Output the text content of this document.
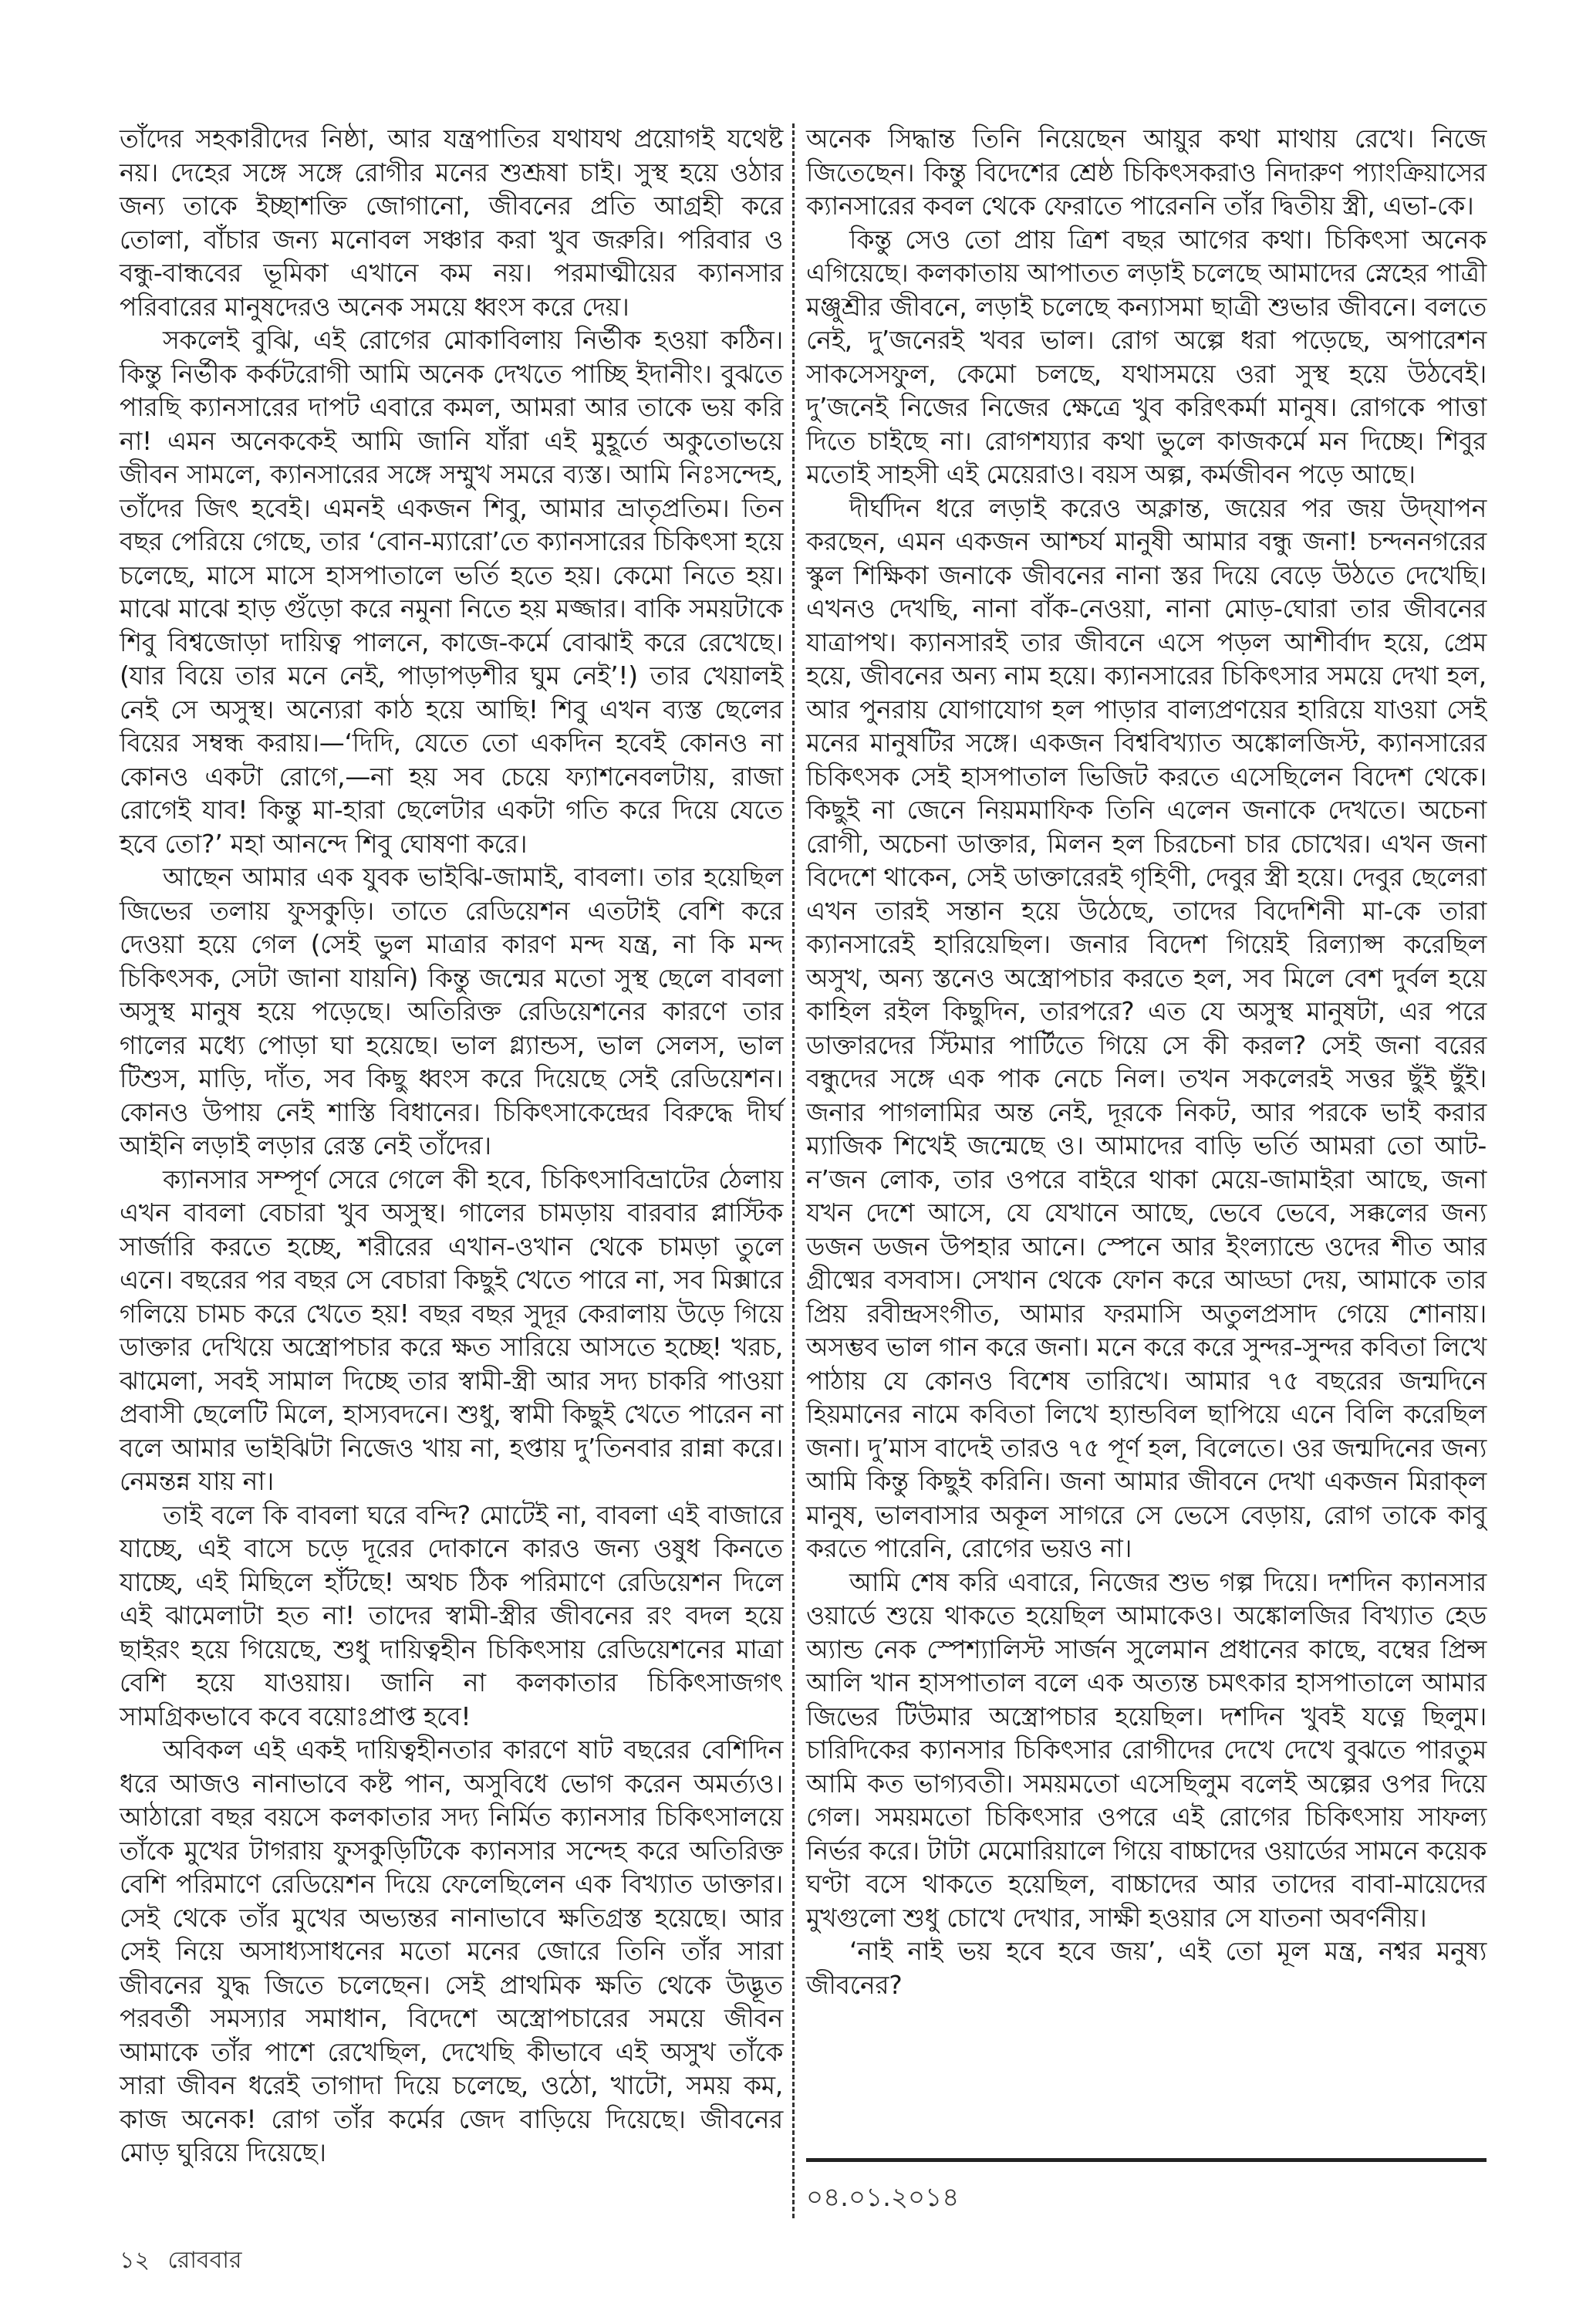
তাঁদের সহকারীদের নিষ্ঠা, আর যন্ত্রপাতির যথাযথ প্রয়োগই যথেষ্ট নয়। দেহের সঙ্গে সঙ্গে রোগীর মনের শুশ্রূষা চাই। সুস্থ হয়ে ওঠার জন্য তাকে ইচ্ছাশক্তি জোগানো, জীবনের প্রতি আগ্রহী করে তোলা, বাঁচার জন্য মনোবল সঞ্চার করা খুব জরুরি। পরিবার ও বন্ধু-বান্ধবের ভূমিকা এখানে কম নয়। পরমাত্মীয়ের ক্যানসার পরিবারের মানুষদেরও অনেক সময়ে ধ্বংস করে দেয়।

সকলেই বুঝি, এই রোগের মোকাবিলায় নির্ভীক হওয়া কঠিন। কিন্তু নির্ভীক কর্কটরোগী আমি অনেক দেখতে পাচ্ছি ইদানীং। বুঝতে পারছি ক্যানসারের দাপট এবারে কমল, আমরা আর তাকে ভয় করি না! এমন অনেককেই আমি জানি যাঁরা এই মুহূর্তে অকুতোভয়ে জীবন সামলে, ক্যানসারের সঙ্গে সম্মুখ সমরে ব্যস্ত। আমি নিঃসন্দেহ, তাঁদের জিৎ হবেই। এমনই একজন শিবু, আমার ভ্রাতৃপ্রতিম। তিন বছর পেরিয়ে গেছে, তার ‘বোন-ম্যারো’তে ক্যানসারের চিকিৎসা হয়ে চলেছে, মাসে মাসে হাসপাতালে ভর্তি হতে হয়। কেমো নিতে হয়। মাঝে মাঝে হাড় গুঁড়ো করে নমুনা নিতে হয় মজ্জার। বাকি সময়টাকে শিবু বিশ্বজোড়া দায়িত্ব পালনে, কাজে-কর্মে বোঝাই করে রেখেছে। (যার বিয়ে তার মনে নেই, পাড়াপড়শীর ঘুম নেই’!) তার খেয়ালই নেই সে অসুস্থ। অন্যেরা কাঠ হয়ে আছি! শিবু এখন ব্যস্ত ছেলের বিয়ের সম্বন্ধ করায়।—‘দিদি, যেতে তো একদিন হবেই কোনও না কোনও একটা রোগে,—না হয় সব চেয়ে ফ্যাশনেবলটায়, রাজা রোগেই যাব! কিন্তু মা-হারা ছেলেটার একটা গতি করে দিয়ে যেতে হবে তো?’ মহা আনন্দে শিবু ঘোষণা করে।

আছেন আমার এক যুবক ভাইঝি-জামাই, বাবলা। তার হয়েছিল জিভের তলায় ফুসকুড়ি। তাতে রেডিয়েশন এতটাই বেশি করে দেওয়া হয়ে গেল (সেই ভুল মাত্রার কারণ মন্দ যন্ত্র, না কি মন্দ চিকিৎসক, সেটা জানা যায়নি) কিন্তু জন্মের মতো সুস্থ ছেলে বাবলা অসুস্থ মানুষ হয়ে পড়েছে। অতিরিক্ত রেডিয়েশনের কারণে তার গালের মধ্যে পোড়া ঘা হয়েছে। ভাল গ্ল্যান্ডস, ভাল সেলস, ভাল টিশুস, মাড়ি, দাঁত, সব কিছু ধ্বংস করে দিয়েছে সেই রেডিয়েশন। কোনও উপায় নেই শাস্তি বিধানের। চিকিৎসাকেন্দ্রের বিরুদ্ধে দীর্ঘ আইনি লড়াই লড়ার রেস্ত নেই তাঁদের।

ক্যানসার সম্পূর্ণ সেরে গেলে কী হবে, চিকিৎসাবিভ্রাটের ঠেলায় এখন বাবলা বেচারা খুব অসুস্থ। গালের চামড়ায় বারবার প্লাস্টিক সার্জারি করতে হচ্ছে, শরীরের এখান-ওখান থেকে চামড়া তুলে এনে। বছরের পর বছর সে বেচারা কিছুই খেতে পারে না, সব মিক্সারে গলিয়ে চামচ করে খেতে হয়! বছর বছর সুদূর কেরালায় উড়ে গিয়ে ডাক্তার দেখিয়ে অস্ত্রোপচার করে ক্ষত সারিয়ে আসতে হচ্ছে! খরচ, ঝামেলা, সবই সামাল দিচ্ছে তার স্বামী-স্ত্রী আর সদ্য চাকরি পাওয়া প্রবাসী ছেলেটি মিলে, হাস্যবদনে। শুধু, স্বামী কিছুই খেতে পারেন না বলে আমার ভাইঝিটা নিজেও খায় না, হপ্তায় দু’তিনবার রান্না করে। নেমন্তন্ন যায় না।

তাই বলে কি বাবলা ঘরে বন্দি? মোটেই না, বাবলা এই বাজারে যাচ্ছে, এই বাসে চড়ে দূরের দোকানে কারও জন্য ওষুধ কিনতে যাচ্ছে, এই মিছিলে হাঁটছে! অথচ ঠিক পরিমাণে রেডিয়েশন দিলে এই ঝামেলাটা হত না! তাদের স্বামী-স্ত্রীর জীবনের রং বদল হয়ে ছাইরং হয়ে গিয়েছে, শুধু দায়িত্বহীন চিকিৎসায় রেডিয়েশনের মাত্রা বেশি হয়ে যাওয়ায়। জানি না কলকাতার চিকিৎসাজগৎ সামগ্রিকভাবে কবে বয়োঃপ্রাপ্ত হবে!

অবিকল এই একই দায়িত্বহীনতার কারণে ষাট বছরের বেশিদিন ধরে আজও নানাভাবে কষ্ট পান, অসুবিধে ভোগ করেন অমর্ত্যও। আঠারো বছর বয়সে কলকাতার সদ্য নির্মিত ক্যানসার চিকিৎসালয়ে তাঁকে মুখের টাগরায় ফুসকুড়িটিকে ক্যানসার সন্দেহ করে অতিরিক্ত বেশি পরিমাণে রেডিয়েশন দিয়ে ফেলেছিলেন এক বিখ্যাত ডাক্তার। সেই থেকে তাঁর মুখের অভ্যন্তর নানাভাবে ক্ষতিগ্রস্ত হয়েছে। আর সেই নিয়ে অসাধ্যসাধনের মতো মনের জোরে তিনি তাঁর সারা জীবনের যুদ্ধ জিতে চলেছেন। সেই প্রাথমিক ক্ষতি থেকে উদ্ভূত পরবর্তী সমস্যার সমাধান, বিদেশে অস্ত্রোপচারের সময়ে জীবন আমাকে তাঁর পাশে রেখেছিল, দেখেছি কীভাবে এই অসুখ তাঁকে সারা জীবন ধরেই তাগাদা দিয়ে চলেছে, ওঠো, খাটো, সময় কম, কাজ অনেক! রোগ তাঁর কর্মের জেদ বাড়িয়ে দিয়েছে। জীবনের মোড় ঘুরিয়ে দিয়েছে।

অনেক সিদ্ধান্ত তিনি নিয়েছেন আয়ুর কথা মাথায় রেখে। নিজে জিতেছেন। কিন্তু বিদেশের শ্রেষ্ঠ চিকিৎসকরাও নিদারুণ প্যাংক্রিয়াসের ক্যানসারের কবল থেকে ফেরাতে পারেননি তাঁর দ্বিতীয় স্ত্রী, এভা-কে।

কিন্তু সেও তো প্রায় ত্রিশ বছর আগের কথা। চিকিৎসা অনেক এগিয়েছে। কলকাতায় আপাতত লড়াই চলেছে আমাদের স্নেহের পাত্রী মঞ্জুশ্রীর জীবনে, লড়াই চলেছে কন্যাসমা ছাত্রী শুভার জীবনে। বলতে নেই, দু’জনেরই খবর ভাল। রোগ অল্পে ধরা পড়েছে, অপারেশন সাকসেসফুল, কেমো চলছে, যথাসময়ে ওরা সুস্থ হয়ে উঠবেই। দু’জনেই নিজের নিজের ক্ষেত্রে খুব করিৎকর্মা মানুষ। রোগকে পাত্তা দিতে চাইছে না। রোগশয্যার কথা ভুলে কাজকর্মে মন দিচ্ছে। শিবুর মতোই সাহসী এই মেয়েরাও। বয়স অল্প, কর্মজীবন পড়ে আছে।

দীর্ঘদিন ধরে লড়াই করেও অক্লান্ত, জয়ের পর জয় উদ্‌যাপন করছেন, এমন একজন আশ্চর্য মানুষী আমার বন্ধু জনা! চন্দননগরের স্কুল শিক্ষিকা জনাকে জীবনের নানা স্তর দিয়ে বেড়ে উঠতে দেখেছি। এখনও দেখছি, নানা বাঁক-নেওয়া, নানা মোড়-ঘোরা তার জীবনের যাত্রাপথ। ক্যানসারই তার জীবনে এসে পড়ল আশীর্বাদ হয়ে, প্রেম হয়ে, জীবনের অন্য নাম হয়ে। ক্যানসারের চিকিৎসার সময়ে দেখা হল, আর পুনরায় যোগাযোগ হল পাড়ার বাল্যপ্রণয়ের হারিয়ে যাওয়া সেই মনের মানুষটির সঙ্গে। একজন বিশ্ববিখ্যাত অঙ্কোলজিস্ট, ক্যানসারের চিকিৎসক সেই হাসপাতাল ভিজিট করতে এসেছিলেন বিদেশ থেকে। কিছুই না জেনে নিয়মমাফিক তিনি এলেন জনাকে দেখতে। অচেনা রোগী, অচেনা ডাক্তার, মিলন হল চিরচেনা চার চোখের। এখন জনা বিদেশে থাকেন, সেই ডাক্তারেরই গৃহিণী, দেবুর স্ত্রী হয়ে। দেবুর ছেলেরা এখন তারই সন্তান হয়ে উঠেছে, তাদের বিদেশিনী মা-কে তারা ক্যানসারেই হারিয়েছিল। জনার বিদেশ গিয়েই রিল্যাপ্স করেছিল অসুখ, অন্য স্তনেও অস্ত্রোপচার করতে হল, সব মিলে বেশ দুর্বল হয়ে কাহিল রইল কিছুদিন, তারপরে? এত যে অসুস্থ মানুষটা, এর পরে ডাক্তারদের স্টিমার পার্টিতে গিয়ে সে কী করল? সেই জনা বরের বন্ধুদের সঙ্গে এক পাক নেচে নিল। তখন সকলেরই সত্তর ছুঁই ছুঁই। জনার পাগলামির অন্ত নেই, দূরকে নিকট, আর পরকে ভাই করার ম্যাজিক শিখেই জন্মেছে ও। আমাদের বাড়ি ভর্তি আমরা তো আট-ন’জন লোক, তার ওপরে বাইরে থাকা মেয়ে-জামাইরা আছে, জনা যখন দেশে আসে, যে যেখানে আছে, ভেবে ভেবে, সক্কলের জন্য ডজন ডজন উপহার আনে। স্পেনে আর ইংল্যান্ডে ওদের শীত আর গ্রীষ্মের বসবাস। সেখান থেকে ফোন করে আড্ডা দেয়, আমাকে তার প্রিয় রবীন্দ্রসংগীত, আমার ফরমাসি অতুলপ্রসাদ গেয়ে শোনায়। অসম্ভব ভাল গান করে জনা। মনে করে করে সুন্দর-সুন্দর কবিতা লিখে পাঠায় যে কোনও বিশেষ তারিখে। আমার ৭৫ বছরের জন্মদিনে হিয়মানের নামে কবিতা লিখে হ্যান্ডবিল ছাপিয়ে এনে বিলি করেছিল জনা। দু’মাস বাদেই তারও ৭৫ পূর্ণ হল, বিলেতে। ওর জন্মদিনের জন্য আমি কিন্তু কিছুই করিনি। জনা আমার জীবনে দেখা একজন মিরাক্‌ল মানুষ, ভালবাসার অকূল সাগরে সে ভেসে বেড়ায়, রোগ তাকে কাবু করতে পারেনি, রোগের ভয়ও না।

আমি শেষ করি এবারে, নিজের শুভ গল্প দিয়ে। দশদিন ক্যানসার ওয়ার্ডে শুয়ে থাকতে হয়েছিল আমাকেও। অঙ্কোলজির বিখ্যাত হেড অ্যান্ড নেক স্পেশ্যালিস্ট সার্জন সুলেমান প্রধানের কাছে, বম্বের প্রিন্স আলি খান হাসপাতাল বলে এক অত্যন্ত চমৎকার হাসপাতালে আমার জিভের টিউমার অস্ত্রোপচার হয়েছিল। দশদিন খুবই যত্নে ছিলুম। চারিদিকের ক্যানসার চিকিৎসার রোগীদের দেখে দেখে বুঝতে পারতুম আমি কত ভাগ্যবতী। সময়মতো এসেছিলুম বলেই অল্পের ওপর দিয়ে গেল। সময়মতো চিকিৎসার ওপরে এই রোগের চিকিৎসায় সাফল্য নির্ভর করে। টাটা মেমোরিয়ালে গিয়ে বাচ্চাদের ওয়ার্ডের সামনে কয়েক ঘণ্টা বসে থাকতে হয়েছিল, বাচ্চাদের আর তাদের বাবা-মায়েদের মুখগুলো শুধু চোখে দেখার, সাক্ষী হওয়ার সে যাতনা অবর্ণনীয়।

‘নাই নাই ভয় হবে হবে জয়’, এই তো মূল মন্ত্র, নশ্বর মনুষ্য জীবনের?

০৪.০১.২০১৪
১২ রোববার
